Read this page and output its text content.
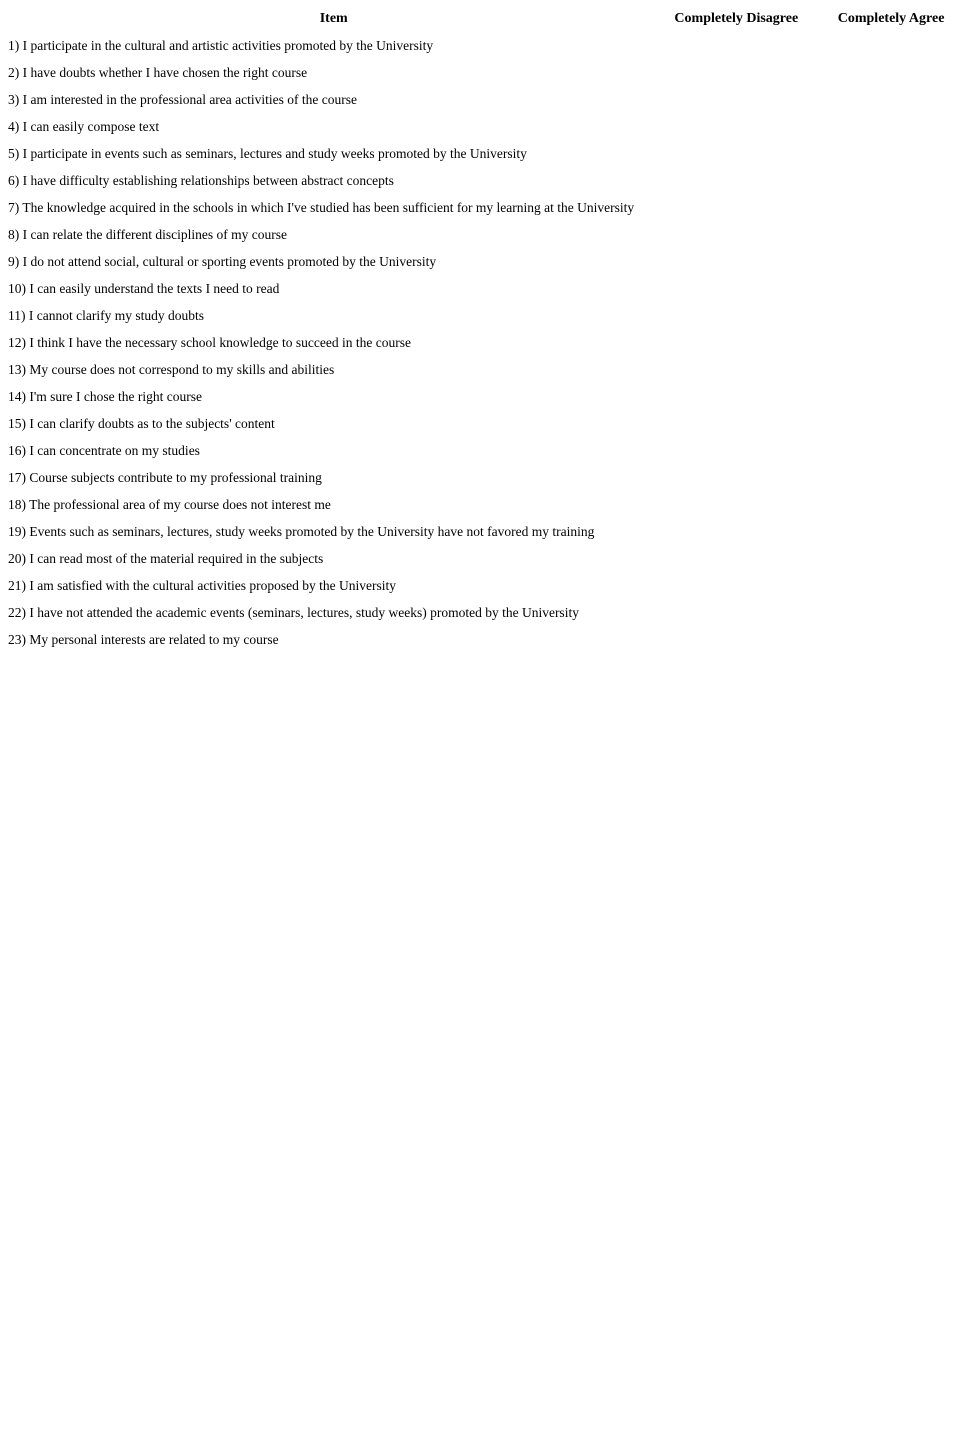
Item	Completely Disagree	Completely Agree
1) I participate in the cultural and artistic activities promoted by the University		
2) I have doubts whether I have chosen the right course		
3) I am interested in the professional area activities of the course		
4) I can easily compose text		
5) I participate in events such as seminars, lectures and study weeks promoted by the University		
6) I have difficulty establishing relationships between abstract concepts		
7) The knowledge acquired in the schools in which I've studied has been sufficient for my learning at the University		
8) I can relate the different disciplines of my course		
9) I do not attend social, cultural or sporting events promoted by the University		
10) I can easily understand the texts I need to read		
11) I cannot clarify my study doubts		
12) I think I have the necessary school knowledge to succeed in the course		
13) My course does not correspond to my skills and abilities		
14) I'm sure I chose the right course		
15) I can clarify doubts as to the subjects' content		
16) I can concentrate on my studies		
17) Course subjects contribute to my professional training		
18) The professional area of my course does not interest me		
19) Events such as seminars, lectures, study weeks promoted by the University have not favored my training		
20) I can read most of the material required in the subjects		
21) I am satisfied with the cultural activities proposed by the University		
22) I have not attended the academic events (seminars, lectures, study weeks) promoted by the University		
23) My personal interests are related to my course		
